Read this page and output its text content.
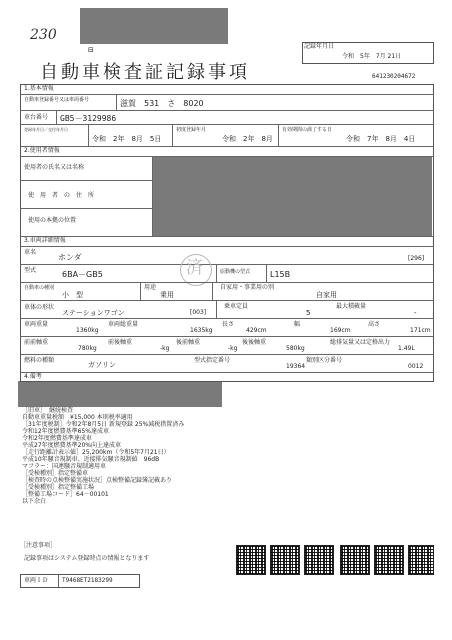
230
⊟	記録年月日
令和　5年　7月 21日
自動車検査証記録事項	641230204672
1.基本情報
自動車登録番号又は車両番号	滋賀　531　さ　8020
車台番号 GB5－3129986
登録年月日／交付年月日
令和　2年　8月　5日
初度登録年月
令和　2年　8月
有効期間の満了する日
令和　7年　8月　4日
2.使用者情報
使用者の氏名又は名称
使　用　者　の　住　所
使用の本拠の位置
3.車両詳細情報
車名
ホンダ	[296]
型式	6BA－GB5	済	原動機の型式 L15B
自動車の種別
小　型
用途
乗用
自家用・事業用の別
自家用
車体の形状
ステーションワゴン	[003]
乗車定員
5
最大積載量
-
車両重量
1360kg
車両総重量
1635kg
長さ
429cm
幅
169cm
高さ
171cm
前前軸重
780kg
前後軸重
-kg
後前軸重
-kg
後後軸重
580kg
総排気量又は定格出力
1.49L
燃料の種類
ガソリン
型式指定番号
19364
類別区分番号
0012
4.備考
［旧車］　継続検査
自動車重量税額　¥15,000 本則税率適用
［31年度税制］令和2年8月5日 新規登録 25%減税措置済み
令和12年度燃費基準65%達成車
令和2年度燃費基準達成車
平成27年度燃費基準20%向上達成車
［走行距離計表示値］25,200km（令和5年7月21日）
平成10年騒音規制車、近接排気騒音規制値　96dB
マフラー：国連騒音規制適用車
［受検種別］指定整備車
［検査時の点検整備実施状況］点検整備記録簿記載あり
［受検種別］指定整備工場
［整備工場コード］64－00101
以下余白
［注意事項］
記録事項はシステム登録時点の情報となります
車両ＩＤ T9468ET2183299
